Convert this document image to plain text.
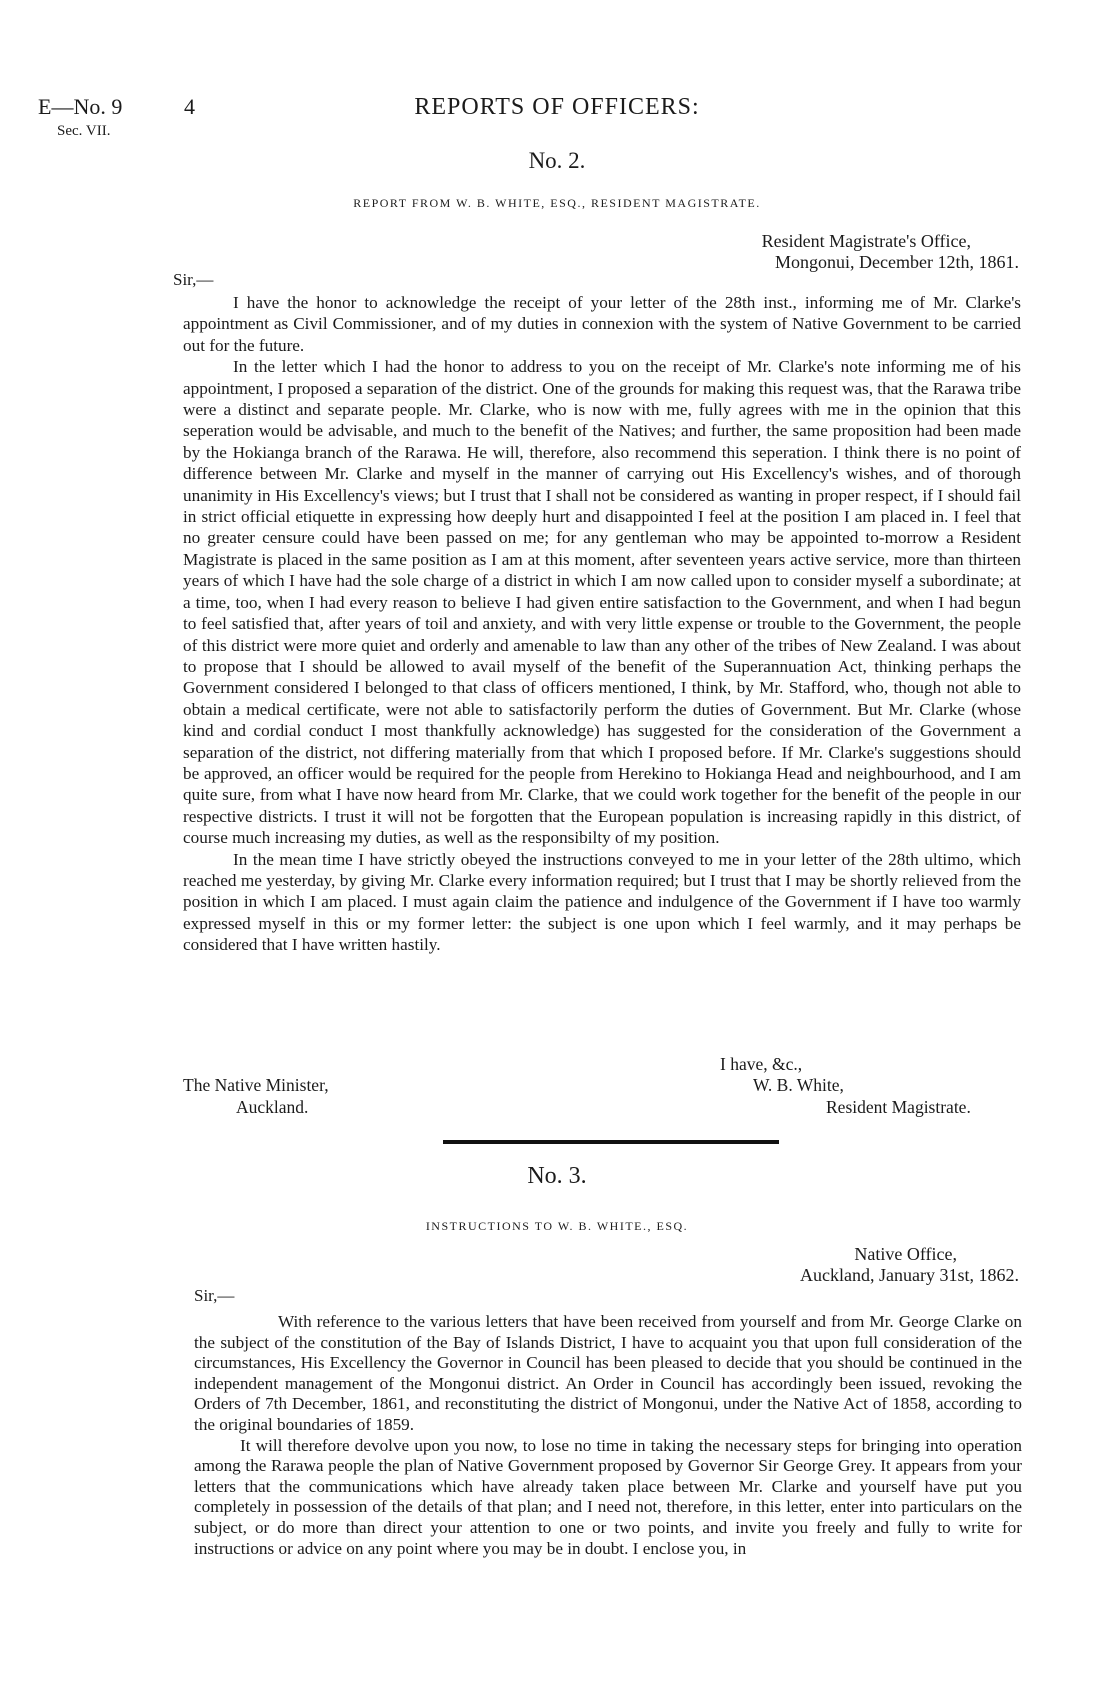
E—No. 9
Sec. VII.
4	REPORTS OF OFFICERS:
No. 2.
REPORT FROM W. B. WHITE, ESQ., RESIDENT MAGISTRATE.
Resident Magistrate's Office,
Mongonui, December 12th, 1861.
Sir,—

I have the honor to acknowledge the receipt of your letter of the 28th inst., informing me of Mr. Clarke's appointment as Civil Commissioner, and of my duties in connexion with the system of Native Government to be carried out for the future.

In the letter which I had the honor to address to you on the receipt of Mr. Clarke's note informing me of his appointment, I proposed a separation of the district. One of the grounds for making this request was, that the Rarawa tribe were a distinct and separate people. Mr. Clarke, who is now with me, fully agrees with me in the opinion that this seperation would be advisable, and much to the benefit of the Natives; and further, the same proposition had been made by the Hokianga branch of the Rarawa. He will, therefore, also recommend this seperation. I think there is no point of difference between Mr. Clarke and myself in the manner of carrying out His Excellency's wishes, and of thorough unanimity in His Excellency's views; but I trust that I shall not be considered as wanting in proper respect, if I should fail in strict official etiquette in expressing how deeply hurt and disappointed I feel at the position I am placed in. I feel that no greater censure could have been passed on me; for any gentleman who may be appointed to-morrow a Resident Magistrate is placed in the same position as I am at this moment, after seventeen years active service, more than thirteen years of which I have had the sole charge of a district in which I am now called upon to consider myself a subordinate; at a time, too, when I had every reason to believe I had given entire satisfaction to the Government, and when I had begun to feel satisfied that, after years of toil and anxiety, and with very little expense or trouble to the Government, the people of this district were more quiet and orderly and amenable to law than any other of the tribes of New Zealand. I was about to propose that I should be allowed to avail myself of the benefit of the Superannuation Act, thinking perhaps the Government considered I belonged to that class of officers mentioned, I think, by Mr. Stafford, who, though not able to obtain a medical certificate, were not able to satisfactorily perform the duties of Government. But Mr. Clarke (whose kind and cordial conduct I most thankfully acknowledge) has suggested for the consideration of the Government a separation of the district, not differing materially from that which I proposed before. If Mr. Clarke's suggestions should be approved, an officer would be required for the people from Herekino to Hokianga Head and neighbourhood, and I am quite sure, from what I have now heard from Mr. Clarke, that we could work together for the benefit of the people in our respective districts. I trust it will not be forgotten that the European population is increasing rapidly in this district, of course much increasing my duties, as well as the responsibilty of my position.

In the mean time I have strictly obeyed the instructions conveyed to me in your letter of the 28th ultimo, which reached me yesterday, by giving Mr. Clarke every information required; but I trust that I may be shortly relieved from the position in which I am placed. I must again claim the patience and indulgence of the Government if I have too warmly expressed myself in this or my former letter: the subject is one upon which I feel warmly, and it may perhaps be considered that I have written hastily.

I have, &c.,
W. B. White,
Resident Magistrate.
The Native Minister,
Auckland.
No. 3.
INSTRUCTIONS TO W. B. WHITE., ESQ.
Native Office,
Auckland, January 31st, 1862.
Sir,—

With reference to the various letters that have been received from yourself and from Mr. George Clarke on the subject of the constitution of the Bay of Islands District, I have to acquaint you that upon full consideration of the circumstances, His Excellency the Governor in Council has been pleased to decide that you should be continued in the independent management of the Mongonui district. An Order in Council has accordingly been issued, revoking the Orders of 7th December, 1861, and reconstituting the district of Mongonui, under the Native Act of 1858, according to the original boundaries of 1859.

It will therefore devolve upon you now, to lose no time in taking the necessary steps for bringing into operation among the Rarawa people the plan of Native Government proposed by Governor Sir George Grey. It appears from your letters that the communications which have already taken place between Mr. Clarke and yourself have put you completely in possession of the details of that plan; and I need not, therefore, in this letter, enter into particulars on the subject, or do more than direct your attention to one or two points, and invite you freely and fully to write for instructions or advice on any point where you may be in doubt. I enclose you, in
